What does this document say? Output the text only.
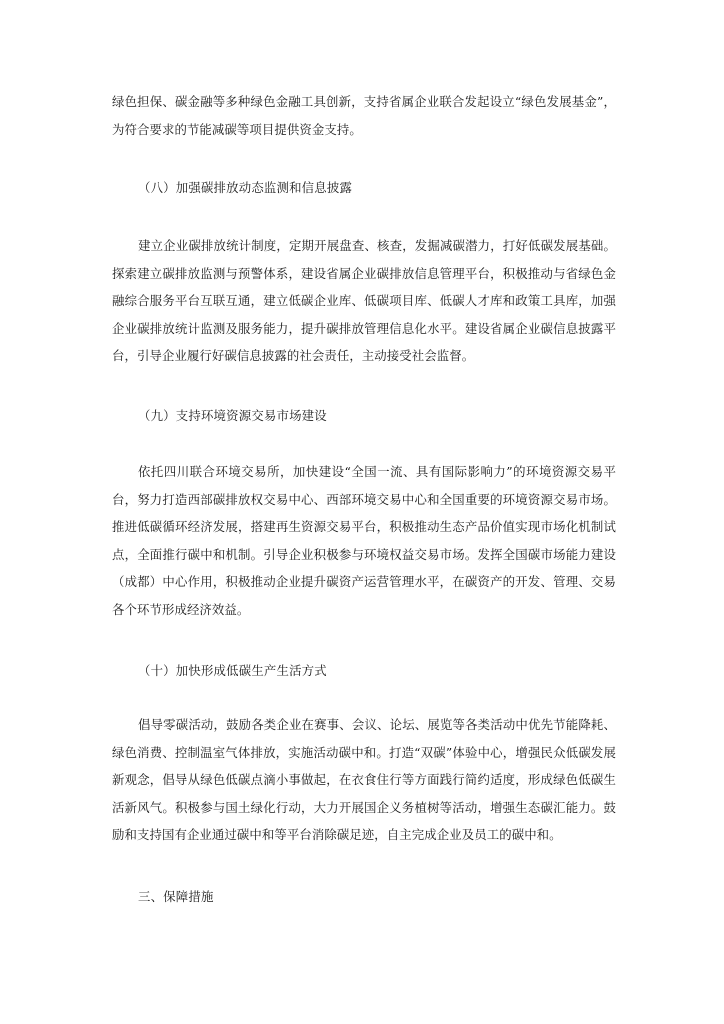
绿色担保、碳金融等多种绿色金融工具创新，支持省属企业联合发起设立“绿色发展基金”，为符合要求的节能减碳等项目提供资金支持。

（八）加强碳排放动态监测和信息披露

建立企业碳排放统计制度，定期开展盘查、核查，发掘减碳潜力，打好低碳发展基础。探索建立碳排放监测与预警体系，建设省属企业碳排放信息管理平台，积极推动与省绿色金融综合服务平台互联互通，建立低碳企业库、低碳项目库、低碳人才库和政策工具库，加强企业碳排放统计监测及服务能力，提升碳排放管理信息化水平。建设省属企业碳信息披露平台，引导企业履行好碳信息披露的社会责任，主动接受社会监督。

（九）支持环境资源交易市场建设

依托四川联合环境交易所，加快建设“全国一流、具有国际影响力”的环境资源交易平台，努力打造西部碳排放权交易中心、西部环境交易中心和全国重要的环境资源交易市场。推进低碳循环经济发展，搭建再生资源交易平台，积极推动生态产品价值实现市场化机制试点，全面推行碳中和机制。引导企业积极参与环境权益交易市场。发挥全国碳市场能力建设（成都）中心作用，积极推动企业提升碳资产运营管理水平，在碳资产的开发、管理、交易各个环节形成经济效益。

（十）加快形成低碳生产生活方式

倡导零碳活动，鼓励各类企业在赛事、会议、论坛、展览等各类活动中优先节能降耗、绿色消费、控制温室气体排放，实施活动碳中和。打造“双碳”体验中心，增强民众低碳发展新观念，倡导从绿色低碳点滴小事做起，在衣食住行等方面践行简约适度，形成绿色低碳生活新风气。积极参与国土绿化行动，大力开展国企义务植树等活动，增强生态碳汇能力。鼓励和支持国有企业通过碳中和等平台消除碳足迹，自主完成企业及员工的碳中和。

三、保障措施
